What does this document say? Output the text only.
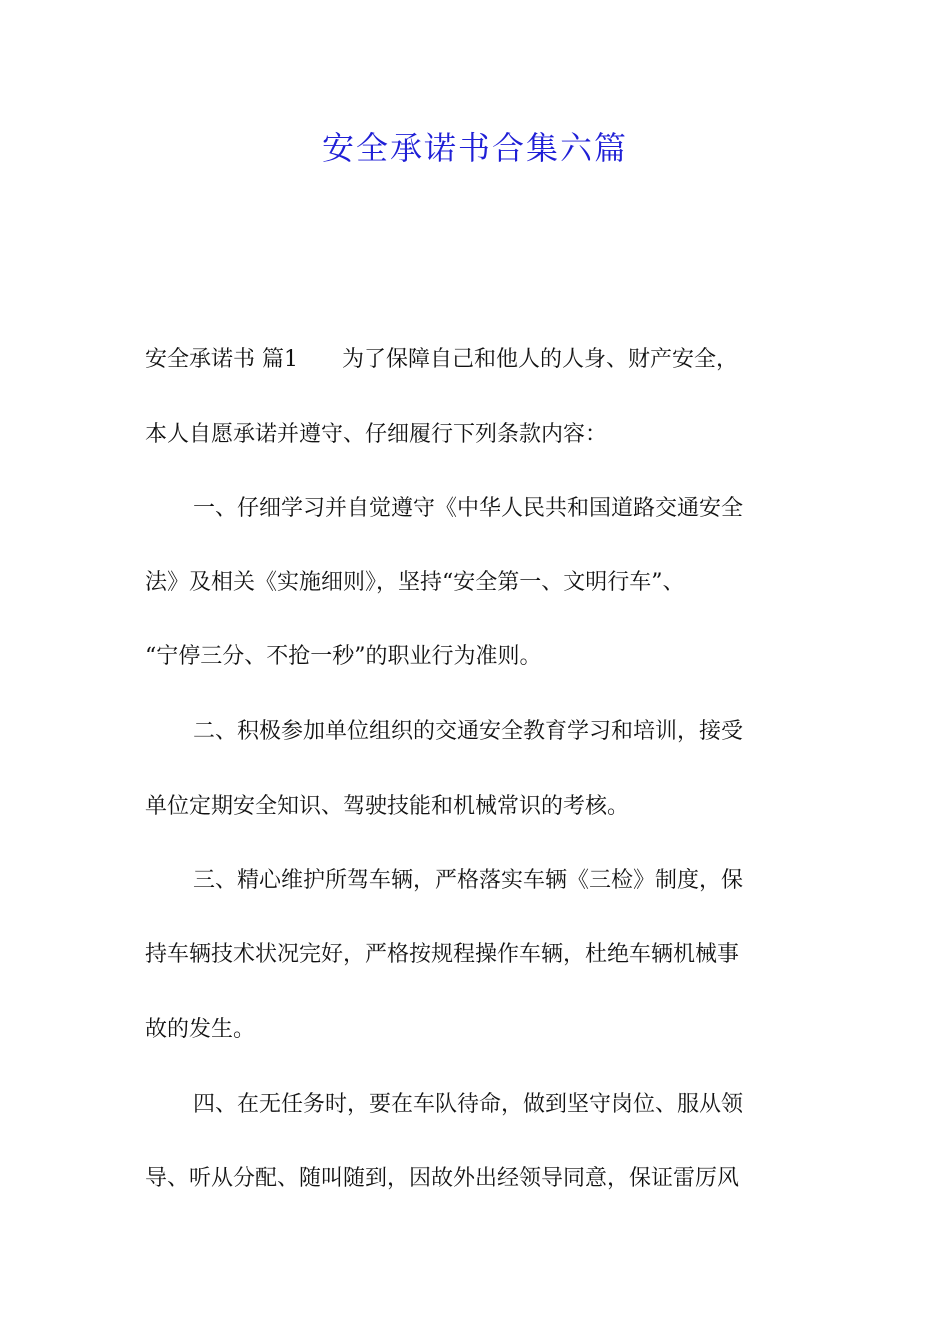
安全承诺书合集六篇

安全承诺书 篇1 为了保障自己和他人的人身、财产安全，

本人自愿承诺并遵守、仔细履行下列条款内容：

一、仔细学习并自觉遵守《中华人民共和国道路交通安全

法》及相关《实施细则》，坚持“安全第一、文明行车”、

“宁停三分、不抢一秒”的职业行为准则。

二、积极参加单位组织的交通安全教育学习和培训，接受

单位定期安全知识、驾驶技能和机械常识的考核。

三、精心维护所驾车辆，严格落实车辆《三检》制度，保

持车辆技术状况完好，严格按规程操作车辆，杜绝车辆机械事

故的发生。

四、在无任务时，要在车队待命，做到坚守岗位、服从领

导、听从分配、随叫随到，因故外出经领导同意，保证雷厉风
